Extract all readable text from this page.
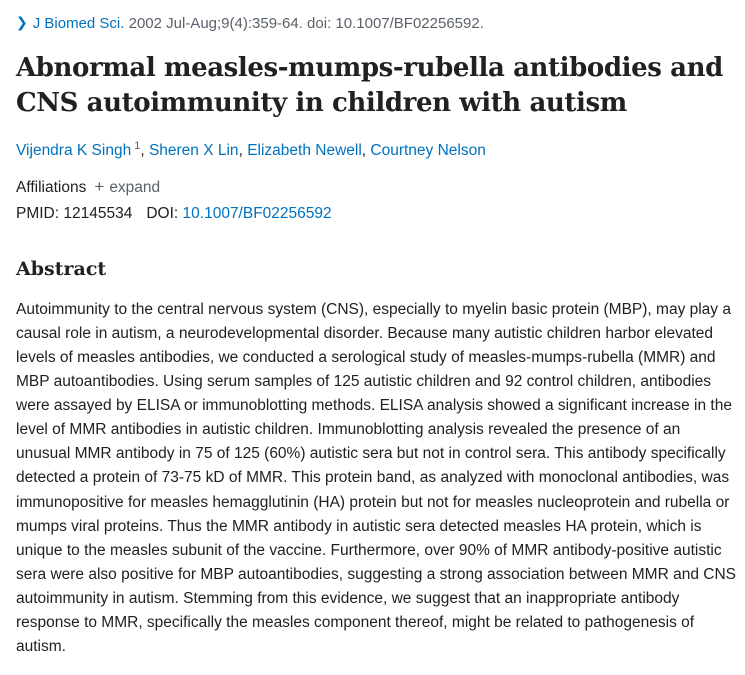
❯ J Biomed Sci. 2002 Jul-Aug;9(4):359-64. doi: 10.1007/BF02256592.
Abnormal measles-mumps-rubella antibodies and CNS autoimmunity in children with autism
Vijendra K Singh $^1$, Sheren X Lin, Elizabeth Newell, Courtney Nelson
Affiliations + expand
PMID: 12145534 DOI: 10.1007/BF02256592
Abstract

Autoimmunity to the central nervous system (CNS), especially to myelin basic protein (MBP), may play a causal role in autism, a neurodevelopmental disorder. Because many autistic children harbor elevated levels of measles antibodies, we conducted a serological study of measles-mumps-rubella (MMR) and MBP autoantibodies. Using serum samples of 125 autistic children and 92 control children, antibodies were assayed by ELISA or immunoblotting methods. ELISA analysis showed a significant increase in the level of MMR antibodies in autistic children. Immunoblotting analysis revealed the presence of an unusual MMR antibody in 75 of 125 (60%) autistic sera but not in control sera. This antibody specifically detected a protein of 73-75 kD of MMR. This protein band, as analyzed with monoclonal antibodies, was immunopositive for measles hemagglutinin (HA) protein but not for measles nucleoprotein and rubella or mumps viral proteins. Thus the MMR antibody in autistic sera detected measles HA protein, which is unique to the measles subunit of the vaccine. Furthermore, over 90% of MMR antibody-positive autistic sera were also positive for MBP autoantibodies, suggesting a strong association between MMR and CNS autoimmunity in autism. Stemming from this evidence, we suggest that an inappropriate antibody response to MMR, specifically the measles component thereof, might be related to pathogenesis of autism.
